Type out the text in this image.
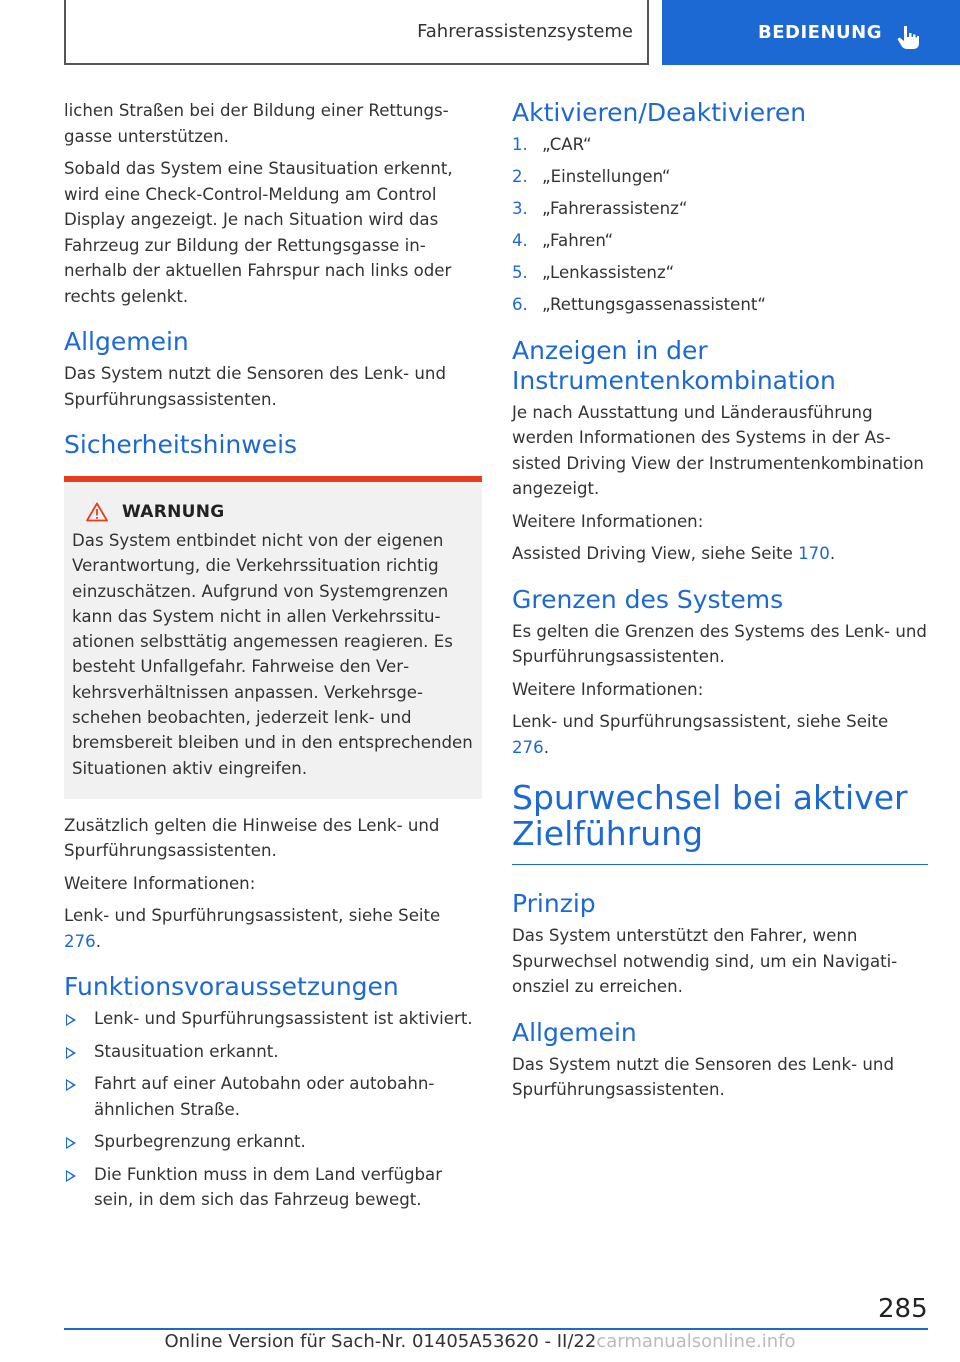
Fahrerassistenzsysteme	BEDIENUNG

lichen Straßen bei der Bildung einer Rettungsgasse unterstützen.

Sobald das System eine Stausituation erkennt, wird eine Check-Control-Meldung am Control Display angezeigt. Je nach Situation wird das Fahrzeug zur Bildung der Rettungsgasse innerhalb der aktuellen Fahrspur nach links oder rechts gelenkt.

Allgemein

Das System nutzt die Sensoren des Lenk- und Spurführungsassistenten.

Sicherheitshinweis
WARNUNG

Das System entbindet nicht von der eigenen Verantwortung, die Verkehrssituation richtig einzuschätzen. Aufgrund von Systemgrenzen kann das System nicht in allen Verkehrssituationen selbsttätig angemessen reagieren. Es besteht Unfallgefahr. Fahrweise den Verkehrsverhältnissen anpassen. Verkehrsgeschehen beobachten, jederzeit lenk- und bremsbereit bleiben und in den entsprechenden Situationen aktiv eingreifen.

Zusätzlich gelten die Hinweise des Lenk- und Spurführungsassistenten.

Weitere Informationen:

Lenk- und Spurführungsassistent, siehe Seite 276.

Funktionsvoraussetzungen
Lenk- und Spurführungsassistent ist aktiviert.
Stausituation erkannt.
Fahrt auf einer Autobahn oder autobahnähnlichen Straße.
Spurbegrenzung erkannt.
Die Funktion muss in dem Land verfügbar sein, in dem sich das Fahrzeug bewegt.
Aktivieren/Deaktivieren
1. „CAR“
2. „Einstellungen“
3. „Fahrerassistenz“
4. „Fahren“
5. „Lenkassistenz“
6. „Rettungsgassenassistent“
Anzeigen in der Instrumentenkombination

Je nach Ausstattung und Länderausführung werden Informationen des Systems in der Assisted Driving View der Instrumentenkombination angezeigt.

Weitere Informationen:

Assisted Driving View, siehe Seite 170.

Grenzen des Systems

Es gelten die Grenzen des Systems des Lenk- und Spurführungsassistenten.

Weitere Informationen:

Lenk- und Spurführungsassistent, siehe Seite 276.

Spurwechsel bei aktiver Zielführung
Prinzip

Das System unterstützt den Fahrer, wenn Spurwechsel notwendig sind, um ein Navigationsziel zu erreichen.

Allgemein

Das System nutzt die Sensoren des Lenk- und Spurführungsassistenten.

285
Online Version für Sach-Nr. 01405A53620 - II/22carmanualsonline.info
